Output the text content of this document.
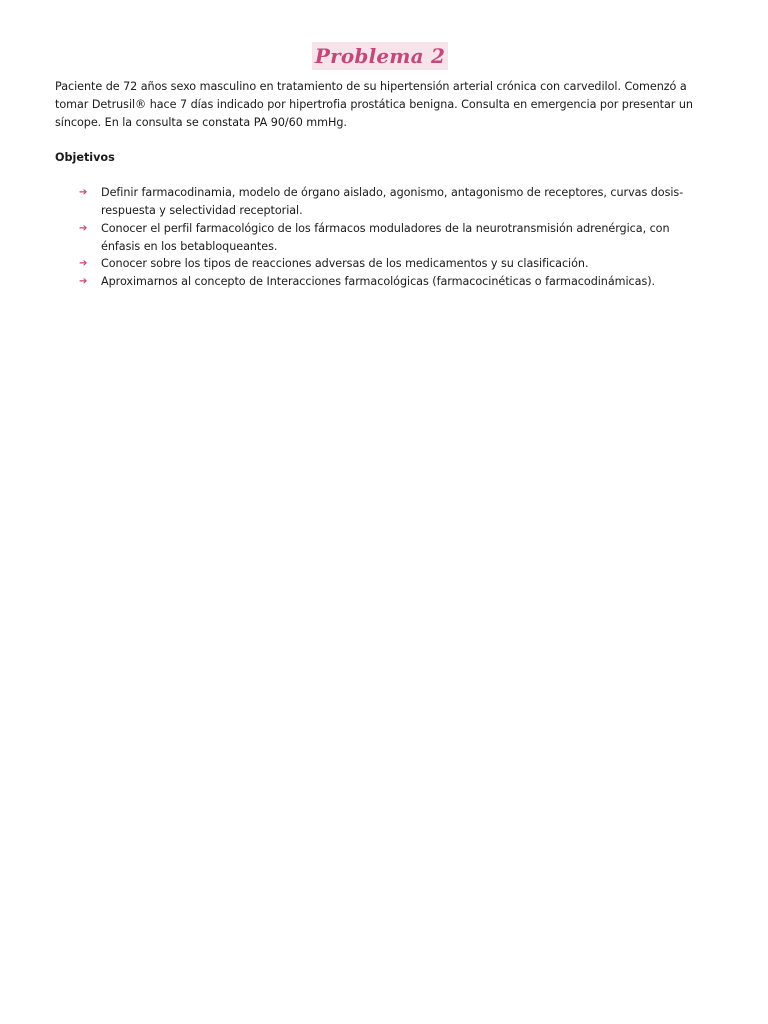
Problema 2

Paciente de 72 años sexo masculino en tratamiento de su hipertensión arterial crónica con carvedilol. Comenzó a tomar Detrusil® hace 7 días indicado por hipertrofia prostática benigna. Consulta en emergencia por presentar un síncope. En la consulta se constata PA 90/60 mmHg.

Objetivos
➔ Definir farmacodinamia, modelo de órgano aislado, agonismo, antagonismo de receptores, curvas dosis-respuesta y selectividad receptorial.
➔ Conocer el perfil farmacológico de los fármacos moduladores de la neurotransmisión adrenérgica, con énfasis en los betabloqueantes.
➔ Conocer sobre los tipos de reacciones adversas de los medicamentos y su clasificación.
➔ Aproximarnos al concepto de Interacciones farmacológicas (farmacocinéticas o farmacodinámicas).
